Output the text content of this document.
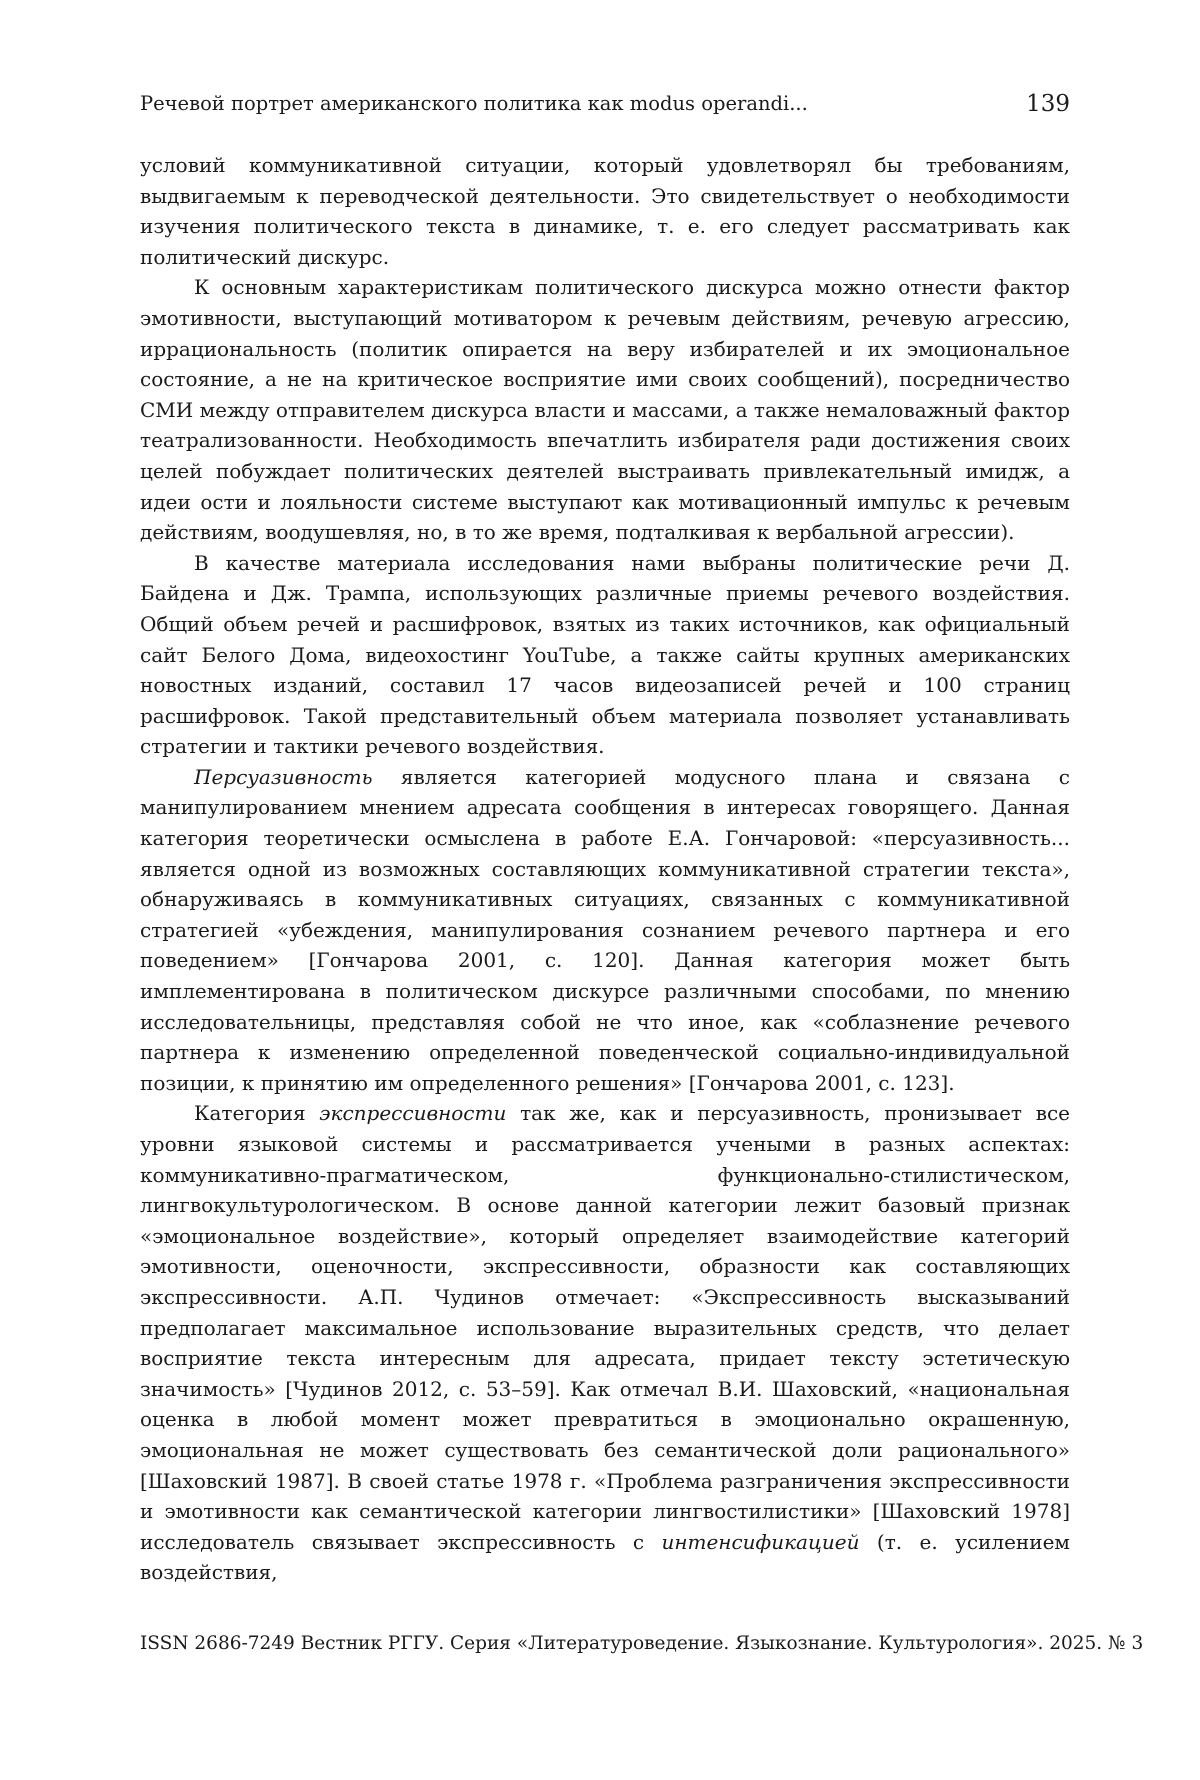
Речевой портрет американского политика как modus operandi...	139

условий коммуникативной ситуации, который удовлетворял бы требованиям, выдвигаемым к переводческой деятельности. Это свидетельствует о необходимости изучения политического текста в динамике, т. е. его следует рассматривать как политический дискурс.

К основным характеристикам политического дискурса можно отнести фактор эмотивности, выступающий мотиватором к речевым действиям, речевую агрессию, иррациональность (политик опирается на веру избирателей и их эмоциональное состояние, а не на критическое восприятие ими своих сообщений), посредничество СМИ между отправителем дискурса власти и массами, а также немаловажный фактор театрализованности. Необходимость впечатлить избирателя ради достижения своих целей побуждает политических деятелей выстраивать привлекательный имидж, а идеи ости и лояльности системе выступают как мотивационный импульс к речевым действиям, воодушевляя, но, в то же время, подталкивая к вербальной агрессии).

В качестве материала исследования нами выбраны политические речи Д. Байдена и Дж. Трампа, использующих различные приемы речевого воздействия. Общий объем речей и расшифровок, взятых из таких источников, как официальный сайт Белого Дома, видеохостинг YouTube, а также сайты крупных американских новостных изданий, составил 17 часов видеозаписей речей и 100 страниц расшифровок. Такой представительный объем материала позволяет устанавливать стратегии и тактики речевого воздействия.

Персуазивность является категорией модусного плана и связана с манипулированием мнением адресата сообщения в интересах говорящего. Данная категория теоретически осмыслена в работе Е.А. Гончаровой: «персуазивность... является одной из возможных составляющих коммуникативной стратегии текста», обнаруживаясь в коммуникативных ситуациях, связанных с коммуникативной стратегией «убеждения, манипулирования сознанием речевого партнера и его поведением» [Гончарова 2001, с. 120]. Данная категория может быть имплементирована в политическом дискурсе различными способами, по мнению исследовательницы, представляя собой не что иное, как «соблазнение речевого партнера к изменению определенной поведенческой социально-индивидуальной позиции, к принятию им определенного решения» [Гончарова 2001, с. 123].

Категория экспрессивности так же, как и персуазивность, пронизывает все уровни языковой системы и рассматривается учеными в разных аспектах: коммуникативно-прагматическом, функционально-стилистическом, лингвокультурологическом. В основе данной категории лежит базовый признак «эмоциональное воздействие», который определяет взаимодействие категорий эмотивности, оценочности, экспрессивности, образности как составляющих экспрессивности. А.П. Чудинов отмечает: «Экспрессивность высказываний предполагает максимальное использование выразительных средств, что делает восприятие текста интересным для адресата, придает тексту эстетическую значимость» [Чудинов 2012, с. 53–59]. Как отмечал В.И. Шаховский, «национальная оценка в любой момент может превратиться в эмоционально окрашенную, эмоциональная не может существовать без семантической доли рационального» [Шаховский 1987]. В своей статье 1978 г. «Проблема разграничения экспрессивности и эмотивности как семантической категории лингвостилистики» [Шаховский 1978] исследователь связывает экспрессивность с интенсификацией (т. е. усилением воздействия,

ISSN 2686-7249 Вестник РГГУ. Серия «Литературоведение. Языкознание. Культурология». 2025. № 3
